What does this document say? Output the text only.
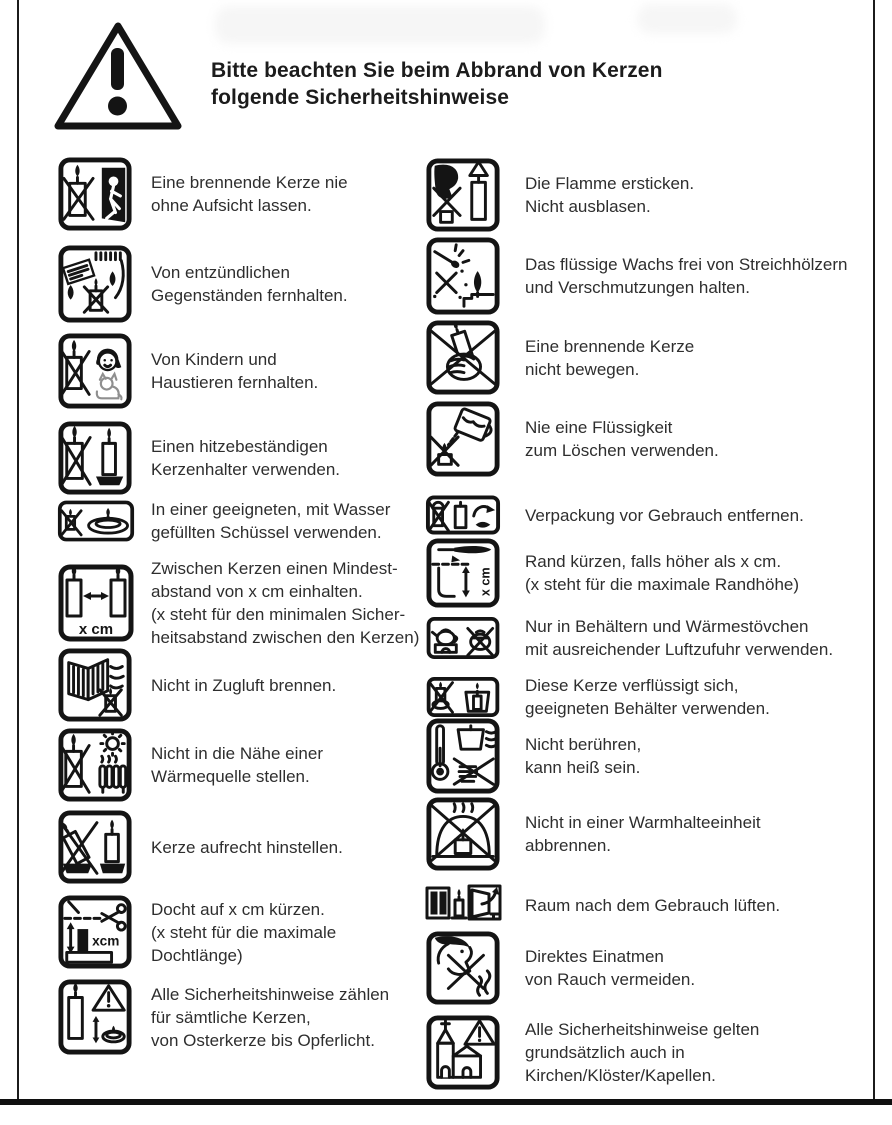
Bitte beachten Sie beim Abbrand von Kerzen
folgende Sicherheitshinweise
Eine brennende Kerze nie
ohne Aufsicht lassen.
Von entzündlichen
Gegenständen fernhalten.
Von Kindern und
Haustieren fernhalten.
Einen hitzebeständigen
Kerzenhalter verwenden.
In einer geeigneten, mit Wasser
gefüllten Schüssel verwenden.
x cm
Zwischen Kerzen einen Mindest-
abstand von x cm einhalten.
(x steht für den minimalen Sicher-
heitsabstand zwischen den Kerzen)
Nicht in Zugluft brennen.
Nicht in die Nähe einer
Wärmequelle stellen.
Kerze aufrecht hinstellen.
xcm
Docht auf x cm kürzen.
(x steht für die maximale
Dochtlänge)
Alle Sicherheitshinweise zählen
für sämtliche Kerzen,
von Osterkerze bis Opferlicht.
Die Flamme ersticken.
Nicht ausblasen.
Das flüssige Wachs frei von Streichhölzern
und Verschmutzungen halten.
Eine brennende Kerze
nicht bewegen.
Nie eine Flüssigkeit
zum Löschen verwenden.
Verpackung vor Gebrauch entfernen.
x cm
Rand kürzen, falls höher als x cm.
(x steht für die maximale Randhöhe)
Nur in Behältern und Wärmestövchen
mit ausreichender Luftzufuhr verwenden.
Diese Kerze verflüssigt sich,
geeigneten Behälter verwenden.
Nicht berühren,
kann heiß sein.
Nicht in einer Warmhalteeinheit
abbrennen.
Raum nach dem Gebrauch lüften.
Direktes Einatmen
von Rauch vermeiden.
Alle Sicherheitshinweise gelten
grundsätzlich auch in
Kirchen/Klöster/Kapellen.
